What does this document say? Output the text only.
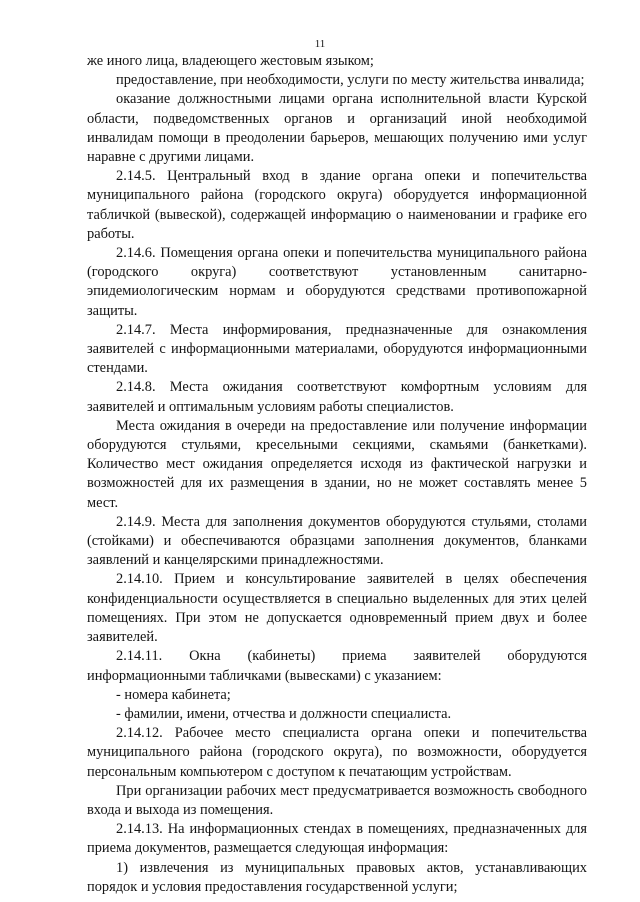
11

же иного лица, владеющего жестовым языком;

предоставление, при необходимости, услуги по месту жительства инвалида;

оказание должностными лицами органа исполнительной власти Курской области, подведомственных органов и организаций иной необходимой инвалидам помощи в преодолении барьеров, мешающих получению ими услуг наравне с другими лицами.

2.14.5. Центральный вход в здание органа опеки и попечительства муниципального района (городского округа) оборудуется информационной табличкой (вывеской), содержащей информацию о наименовании и графике его работы.

2.14.6. Помещения органа опеки и попечительства муниципального района (городского округа) соответствуют установленным санитарно-эпидемиологическим нормам и оборудуются средствами противопожарной защиты.

2.14.7. Места информирования, предназначенные для ознакомления заявителей с информационными материалами, оборудуются информационными стендами.

2.14.8. Места ожидания соответствуют комфортным условиям для заявителей и оптимальным условиям работы специалистов.

Места ожидания в очереди на предоставление или получение информации оборудуются стульями, кресельными секциями, скамьями (банкетками). Количество мест ожидания определяется исходя из фактической нагрузки и возможностей для их размещения в здании, но не может составлять менее 5 мест.

2.14.9. Места для заполнения документов оборудуются стульями, столами (стойками) и обеспечиваются образцами заполнения документов, бланками заявлений и канцелярскими принадлежностями.

2.14.10. Прием и консультирование заявителей в целях обеспечения конфиденциальности осуществляется в специально выделенных для этих целей помещениях. При этом не допускается одновременный прием двух и более заявителей.

2.14.11. Окна (кабинеты) приема заявителей оборудуются информационными табличками (вывесками) с указанием:

- номера кабинета;

- фамилии, имени, отчества и должности специалиста.

2.14.12. Рабочее место специалиста органа опеки и попечительства муниципального района (городского округа), по возможности, оборудуется персональным компьютером с доступом к печатающим устройствам.

При организации рабочих мест предусматривается возможность свободного входа и выхода из помещения.

2.14.13. На информационных стендах в помещениях, предназначенных для приема документов, размещается следующая информация:

1) извлечения из муниципальных правовых актов, устанавливающих порядок и условия предоставления государственной услуги;
